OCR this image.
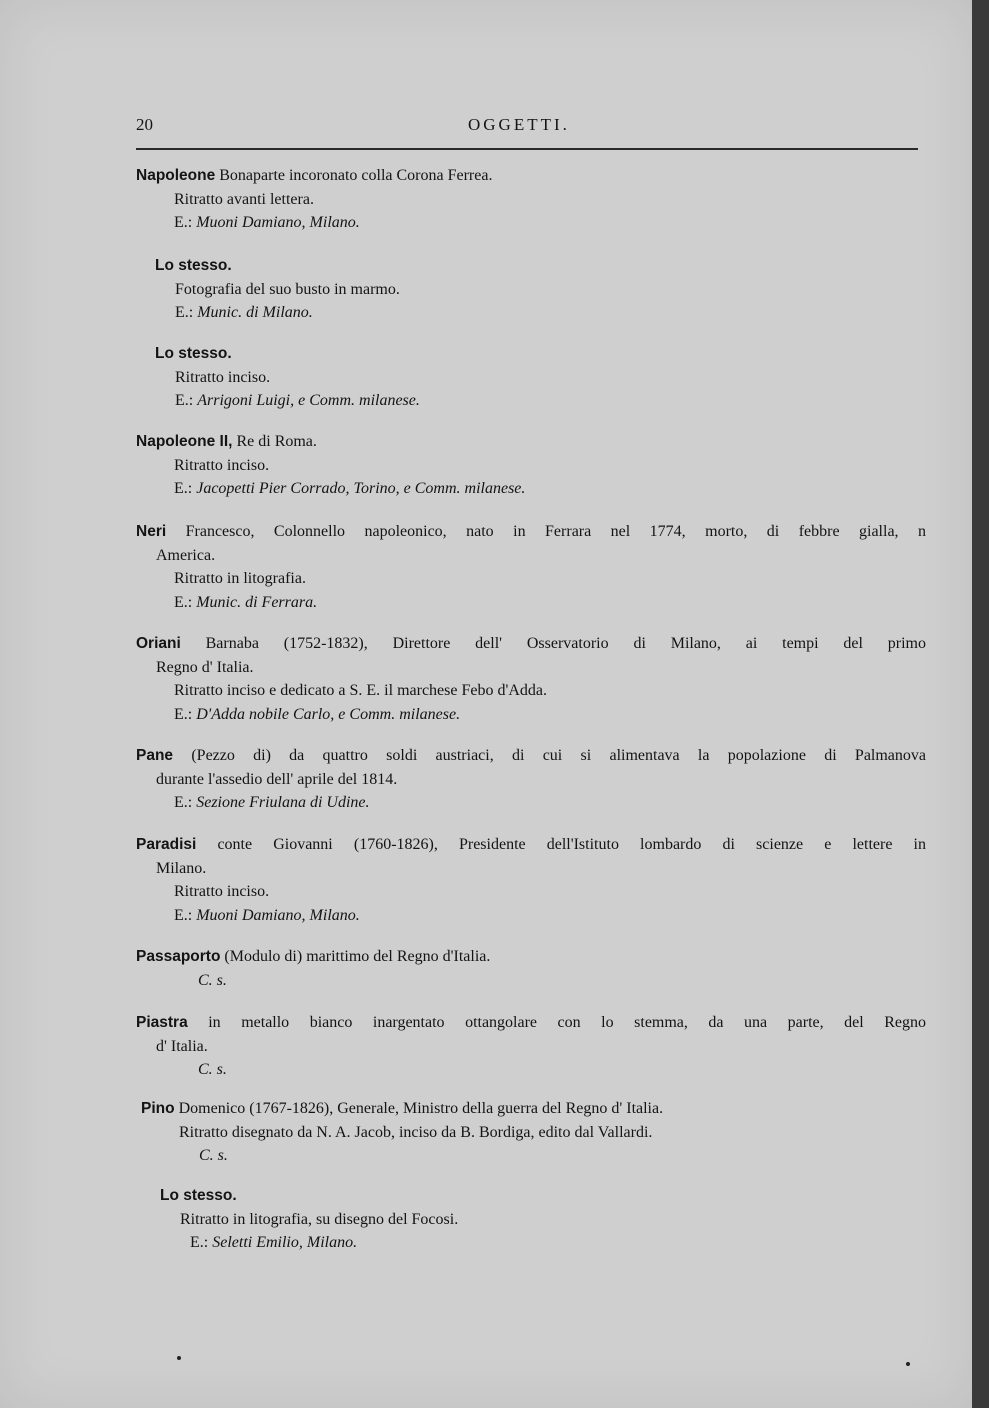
20	OGGETTI.
Napoleone Bonaparte incoronato colla Corona Ferrea.
Ritratto avanti lettera.
E.: Muoni Damiano, Milano.
Lo stesso.
Fotografia del suo busto in marmo.
E.: Munic. di Milano.
Lo stesso.
Ritratto inciso.
E.: Arrigoni Luigi, e Comm. milanese.
Napoleone II, Re di Roma.
Ritratto inciso.
E.: Jacopetti Pier Corrado, Torino, e Comm. milanese.
Neri Francesco, Colonnello napoleonico, nato in Ferrara nel 1774, morto, di febbre gialla, n
America.
Ritratto in litografia.
E.: Munic. di Ferrara.
Oriani Barnaba (1752-1832), Direttore dell' Osservatorio di Milano, ai tempi del primo
Regno d' Italia.
Ritratto inciso e dedicato a S. E. il marchese Febo d'Adda.
E.: D'Adda nobile Carlo, e Comm. milanese.
Pane (Pezzo di) da quattro soldi austriaci, di cui si alimentava la popolazione di Palmanova
durante l'assedio dell' aprile del 1814.
E.: Sezione Friulana di Udine.
Paradisi conte Giovanni (1760-1826), Presidente dell'Istituto lombardo di scienze e lettere in
Milano.
Ritratto inciso.
E.: Muoni Damiano, Milano.
Passaporto (Modulo di) marittimo del Regno d'Italia.
C. s.
Piastra in metallo bianco inargentato ottangolare con lo stemma, da una parte, del Regno
d' Italia.
C. s.
Pino Domenico (1767-1826), Generale, Ministro della guerra del Regno d' Italia.
Ritratto disegnato da N. A. Jacob, inciso da B. Bordiga, edito dal Vallardi.
C. s.
Lo stesso.
Ritratto in litografia, su disegno del Focosi.
E.: Seletti Emilio, Milano.
